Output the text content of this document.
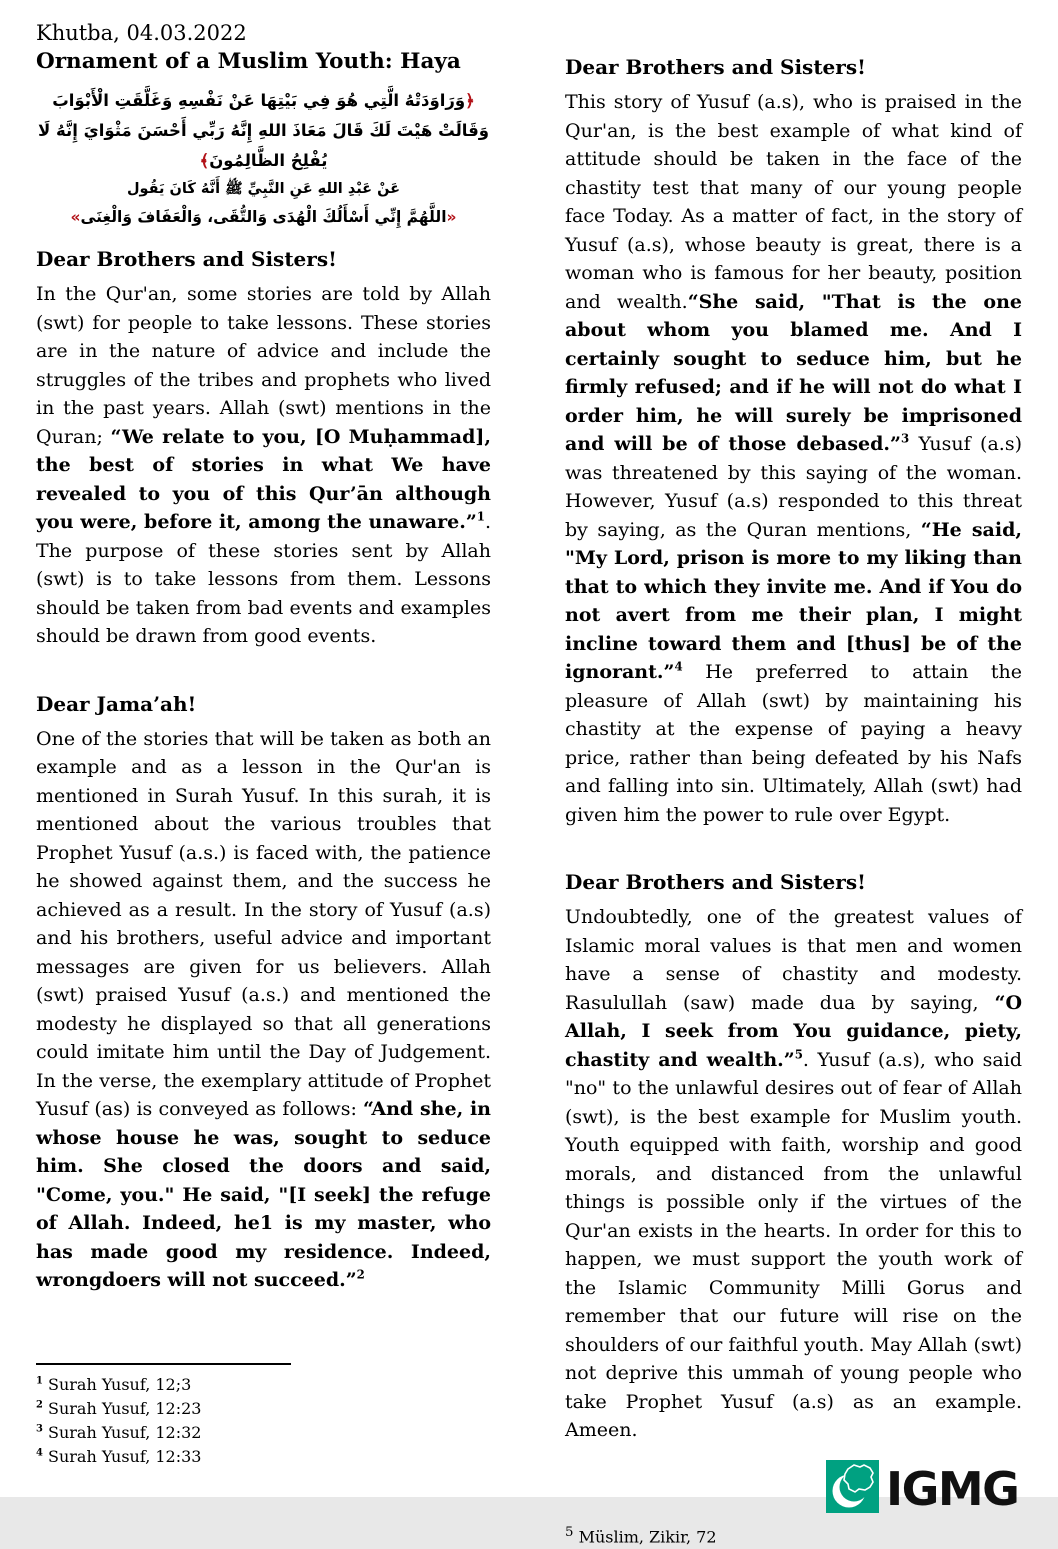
Khutba, 04.03.2022
Ornament of a Muslim Youth: Haya

﴿وَرَاوَدَتْهُ الَّتِي هُوَ فِي بَيْتِهَا عَنْ نَفْسِهِ وَغَلَّقَتِ الْأَبْوَابَ وَقَالَتْ هَيْتَ لَكَ قَالَ مَعَاذَ اللهِ إِنَّهُ رَبِّي أَحْسَنَ مَثْوَايَ إِنَّهُ لَا يُفْلِحُ الظَّالِمُونَ﴾

عَنْ عَبْدِ اللهِ عَنِ النَّبِيِّ ﷺ أَنَّهُ كَانَ يَقُول

«اللَّهُمَّ إِنِّي أَسْأَلُكَ الْهُدَى وَالتُّقَى، وَالْعَفَافَ وَالْغِنَى»

Dear Brothers and Sisters!

In the Qur'an, some stories are told by Allah (swt) for people to take lessons. These stories are in the nature of advice and include the struggles of the tribes and prophets who lived in the past years. Allah (swt) mentions in the Quran; “We relate to you, [O Muḥammad], the best of stories in what We have revealed to you of this Qur’ān although you were, before it, among the unaware.”$^1$. The purpose of these stories sent by Allah (swt) is to take lessons from them. Lessons should be taken from bad events and examples should be drawn from good events.

Dear Jama’ah!

One of the stories that will be taken as both an example and as a lesson in the Qur'an is mentioned in Surah Yusuf. In this surah, it is mentioned about the various troubles that Prophet Yusuf (a.s.) is faced with, the patience he showed against them, and the success he achieved as a result. In the story of Yusuf (a.s) and his brothers, useful advice and important messages are given for us believers. Allah (swt) praised Yusuf (a.s.) and mentioned the modesty he displayed so that all generations could imitate him until the Day of Judgement. In the verse, the exemplary attitude of Prophet Yusuf (as) is conveyed as follows: “And she, in whose house he was, sought to seduce him. She closed the doors and said, "Come, you." He said, "[I seek] the refuge of Allah. Indeed, he1 is my master, who has made good my residence. Indeed, wrongdoers will not succeed.”$^2$

$^1$ Surah Yusuf, 12;3
$^2$ Surah Yusuf, 12:23
$^3$ Surah Yusuf, 12:32
$^4$ Surah Yusuf, 12:33
Dear Brothers and Sisters!

This story of Yusuf (a.s), who is praised in the Qur'an, is the best example of what kind of attitude should be taken in the face of the chastity test that many of our young people face Today. As a matter of fact, in the story of Yusuf (a.s), whose beauty is great, there is a woman who is famous for her beauty, position and wealth.“She said, "That is the one about whom you blamed me. And I certainly sought to seduce him, but he firmly refused; and if he will not do what I order him, he will surely be imprisoned and will be of those debased.”$^3$ Yusuf (a.s) was threatened by this saying of the woman. However, Yusuf (a.s) responded to this threat by saying, as the Quran mentions, “He said, "My Lord, prison is more to my liking than that to which they invite me. And if You do not avert from me their plan, I might incline toward them and [thus] be of the ignorant.”$^4$ He preferred to attain the pleasure of Allah (swt) by maintaining his chastity at the expense of paying a heavy price, rather than being defeated by his Nafs and falling into sin. Ultimately, Allah (swt) had given him the power to rule over Egypt.

Dear Brothers and Sisters!

Undoubtedly, one of the greatest values of Islamic moral values is that men and women have a sense of chastity and modesty. Rasulullah (saw) made dua by saying, “O Allah, I seek from You guidance, piety, chastity and wealth.”$^5$. Yusuf (a.s), who said "no" to the unlawful desires out of fear of Allah (swt), is the best example for Muslim youth. Youth equipped with faith, worship and good morals, and distanced from the unlawful things is possible only if the virtues of the Qur'an exists in the hearts. In order for this to happen, we must support the youth work of the Islamic Community Milli Gorus and remember that our future will rise on the shoulders of our faithful youth. May Allah (swt) not deprive this ummah of young people who take Prophet Yusuf (a.s) as an example. Ameen.

IGMG
$^5$ Müslim, Zikir, 72
